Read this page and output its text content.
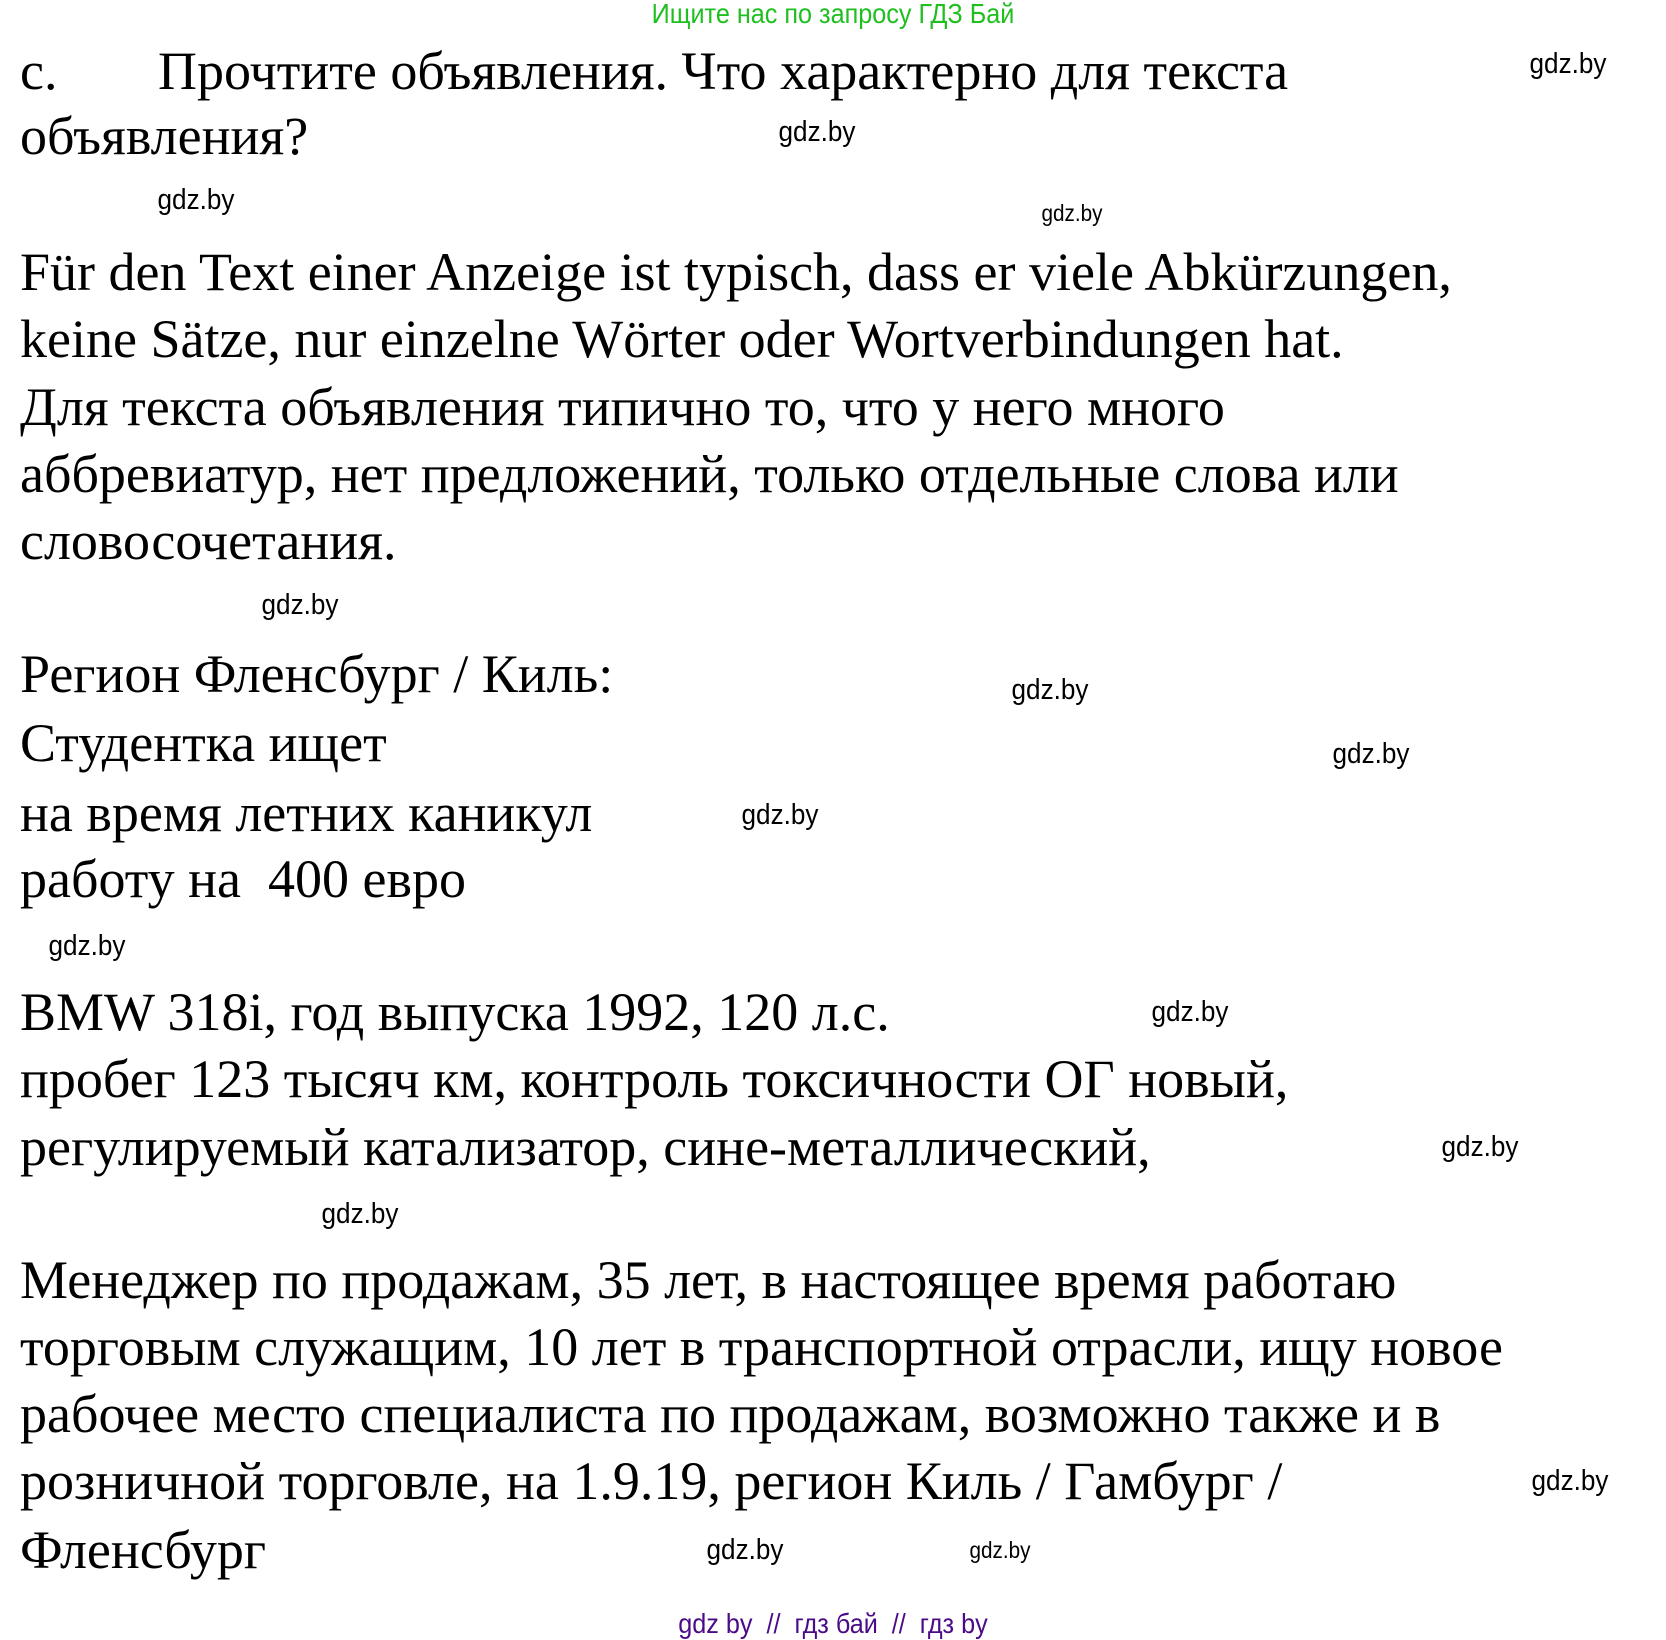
Ищите нас по запросу ГДЗ Бай
c. Прочтите объявления. Что характерно для текста
объявления?
Für den Text einer Anzeige ist typisch, dass er viele Abkürzungen,
keine Sätze, nur einzelne Wörter oder Wortverbindungen hat.
Для текста объявления типично то, что у него много
аббревиатур, нет предложений, только отдельные слова или
словосочетания.
Регион Фленсбург / Киль:
Студентка ищет
на время летних каникул
работу на  400 евро
BMW 318i, год выпуска 1992, 120 л.с.
пробег 123 тысяч км, контроль токсичности ОГ новый,
регулируемый катализатор, сине-металлический,
Менеджер по продажам, 35 лет, в настоящее время работаю
торговым служащим, 10 лет в транспортной отрасли, ищу новое
рабочее место специалиста по продажам, возможно также и в
розничной торговле, на 1.9.19, регион Киль / Гамбург /
Фленсбург
gdz.by
gdz.by
gdz.by	gdz.by
gdz.by
gdz.by
gdz.by
gdz.by
gdz.by
gdz.by
gdz.by
gdz.by
gdz.by
gdz.by
gdz.by
gdz by  //  гдз бай  //  гдз by
